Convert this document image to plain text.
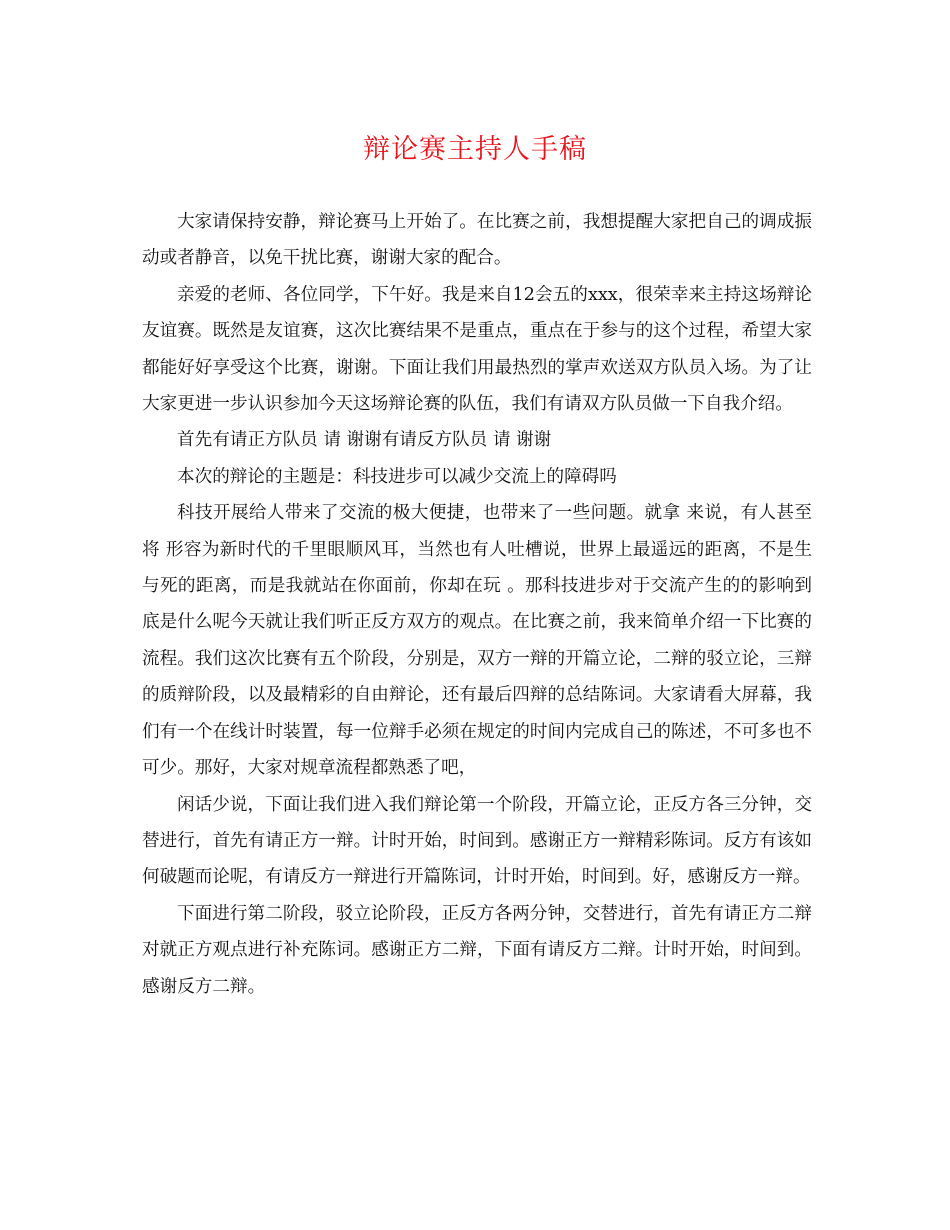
辩论赛主持人手稿

大家请保持安静，辩论赛马上开始了。在比赛之前，我想提醒大家把自己的调成振动或者静音，以免干扰比赛，谢谢大家的配合。

亲爱的老师、各位同学，下午好。我是来自12会五的xxx，很荣幸来主持这场辩论友谊赛。既然是友谊赛，这次比赛结果不是重点，重点在于参与的这个过程，希望大家都能好好享受这个比赛，谢谢。下面让我们用最热烈的掌声欢送双方队员入场。为了让大家更进一步认识参加今天这场辩论赛的队伍，我们有请双方队员做一下自我介绍。

首先有请正方队员 请 谢谢有请反方队员 请 谢谢

本次的辩论的主题是：科技进步可以减少交流上的障碍吗

科技开展给人带来了交流的极大便捷，也带来了一些问题。就拿 来说，有人甚至将 形容为新时代的千里眼顺风耳，当然也有人吐槽说，世界上最遥远的距离，不是生与死的距离，而是我就站在你面前，你却在玩 。那科技进步对于交流产生的的影响到底是什么呢今天就让我们听正反方双方的观点。在比赛之前，我来简单介绍一下比赛的流程。我们这次比赛有五个阶段，分别是，双方一辩的开篇立论，二辩的驳立论，三辩的质辩阶段，以及最精彩的自由辩论，还有最后四辩的总结陈词。大家请看大屏幕，我们有一个在线计时装置，每一位辩手必须在规定的时间内完成自己的陈述，不可多也不可少。那好，大家对规章流程都熟悉了吧，

闲话少说，下面让我们进入我们辩论第一个阶段，开篇立论，正反方各三分钟，交替进行，首先有请正方一辩。计时开始，时间到。感谢正方一辩精彩陈词。反方有该如何破题而论呢，有请反方一辩进行开篇陈词，计时开始，时间到。好，感谢反方一辩。

下面进行第二阶段，驳立论阶段，正反方各两分钟，交替进行，首先有请正方二辩对就正方观点进行补充陈词。感谢正方二辩，下面有请反方二辩。计时开始，时间到。感谢反方二辩。
